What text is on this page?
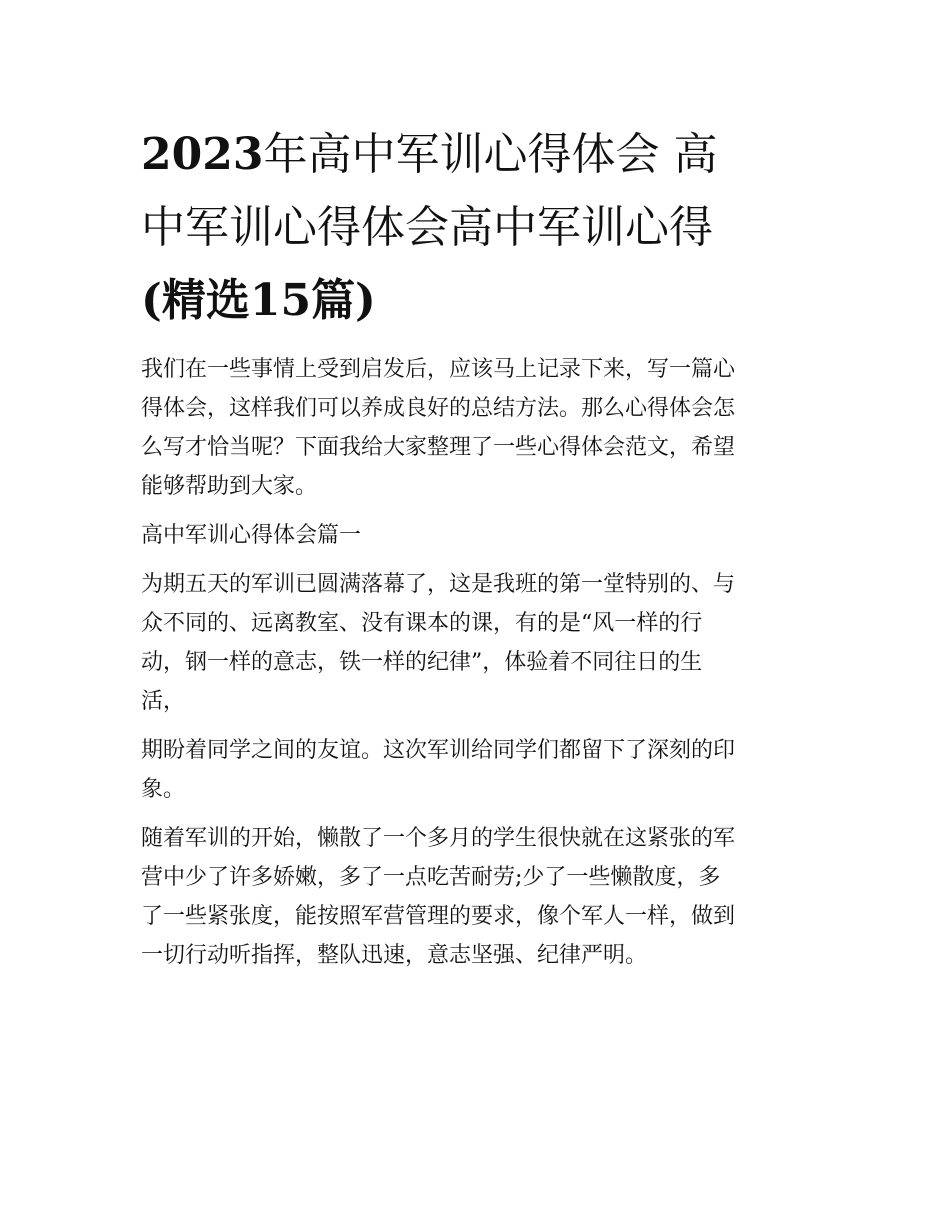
2023年高中军训心得体会 高
中军训心得体会高中军训心得
(精选15篇)

我们在一些事情上受到启发后，应该马上记录下来，写一篇心
得体会，这样我们可以养成良好的总结方法。那么心得体会怎
么写才恰当呢？下面我给大家整理了一些心得体会范文，希望
能够帮助到大家。

高中军训心得体会篇一

为期五天的军训已圆满落幕了，这是我班的第一堂特别的、与
众不同的、远离教室、没有课本的课，有的是“风一样的行
动，钢一样的意志，铁一样的纪律”，体验着不同往日的生
活，

期盼着同学之间的友谊。这次军训给同学们都留下了深刻的印
象。

随着军训的开始，懒散了一个多月的学生很快就在这紧张的军
营中少了许多娇嫩，多了一点吃苦耐劳;少了一些懒散度，多
了一些紧张度，能按照军营管理的要求，像个军人一样，做到
一切行动听指挥，整队迅速，意志坚强、纪律严明。
